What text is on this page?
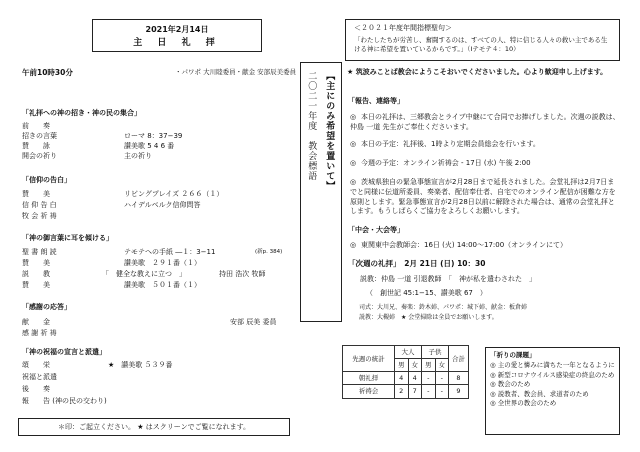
2021年2月14日
主 日 礼 拝
午前10時30分	・パワポ 大川睦委員・献金 安部辰美委員
「礼拝への神の招き・神の民の集合」
前　　奏
招きの言葉	ローマ 8：37−39
賛　　詠	讃美歌 5 4 6 番
開会の祈り	主の祈り
「信仰の告白」
賛　　美	リビングプレイズ ２６６（１）
信 仰 告 白	ハイデルベルク信仰問答
牧 会 祈 祷
「神の御言葉に耳を傾ける」
聖 書 朗 読	テモテへの手紙 ―１：3−11	(新p. 384)
賛　　美	讃美歌　２９１番（１）
説　　教	「　健全な教えに立つ　」	持田 浩次 牧師
賛　　美	讃美歌　５０１番（１）
「感謝の応答」
献　　金	安部 辰美 委員
感 謝 祈 祷
「神の祝福の宣言と派遣」
頌　　栄	★　讃美歌 ５３９番
祝福と派遣
後　　奏
報　　告 (神の民の交わり)
＊印：ご起立ください。 ★ はスクリーンでご覧になれます。
二〇二一年度　教会標語 【主にのみ希望を置いて】
＜２０２１年度年間指標聖句＞
「わたしたちが労苦し、奮闘するのは、すべての人、特に信じる人々の救い主である生ける神に希望を置いているからです。」（Ⅰテモテ４：10）
★ 筑波みことば教会にようこそおいでくださいました。心より歓迎申し上げます。
「報告、連絡等」
◎ 本日の礼拝は、三郷教会とライブ中継にて合同でお捧げしました。次週の説教は、仲島 一道 先生がご奉仕くださいます。
◎ 本日の予定：礼拝後、1時より定期会員総会を行います。
◎ 今週の予定：オンライン祈祷会 - 17日 (水) 午後 2:00
◎ 茨城県独自の緊急事態宣言が2月28日まで延長されました。会堂礼拝は2月7日までと同様に伝道所委員、奏楽者、配信奉仕者、自宅でのオンライン配信が困難な方を原則とします。緊急事態宣言が2月28日以前に解除された場合は、通常の会堂礼拝とします。もうしばらくご協力をよろしくお願いします。
「中会・大会等」
◎ 東関東中会教師会：16日 (火) 14:00〜17:00（オンラインにて）
「次週の礼拝」　2月 21日 (日) 10：30
説教：仲島 一道 引退教師　「　神が私を遣わされた　」
（　創世記 45:1−15、讃美歌 67　）
司式：大川兄、奏楽：鈴木姉、パワポ：城下姉、献金：板倉姉
説教：大槻姉　★ 会堂掃除は全員でお願いします。
先週の統計	大人		子供		合計
	男	女	男	女	
朝礼拝	4	4	-	-	8
祈祷会	2	7	-	-	9
「祈りの課題」
◎ 主の愛と憐みに満ちた一年となるように
◎ 新型コロナウイルス感染症の終息のため
◎ 教会のため
◎ 説教者、教会員、求道者のため
◎ 全世界の教会のため
